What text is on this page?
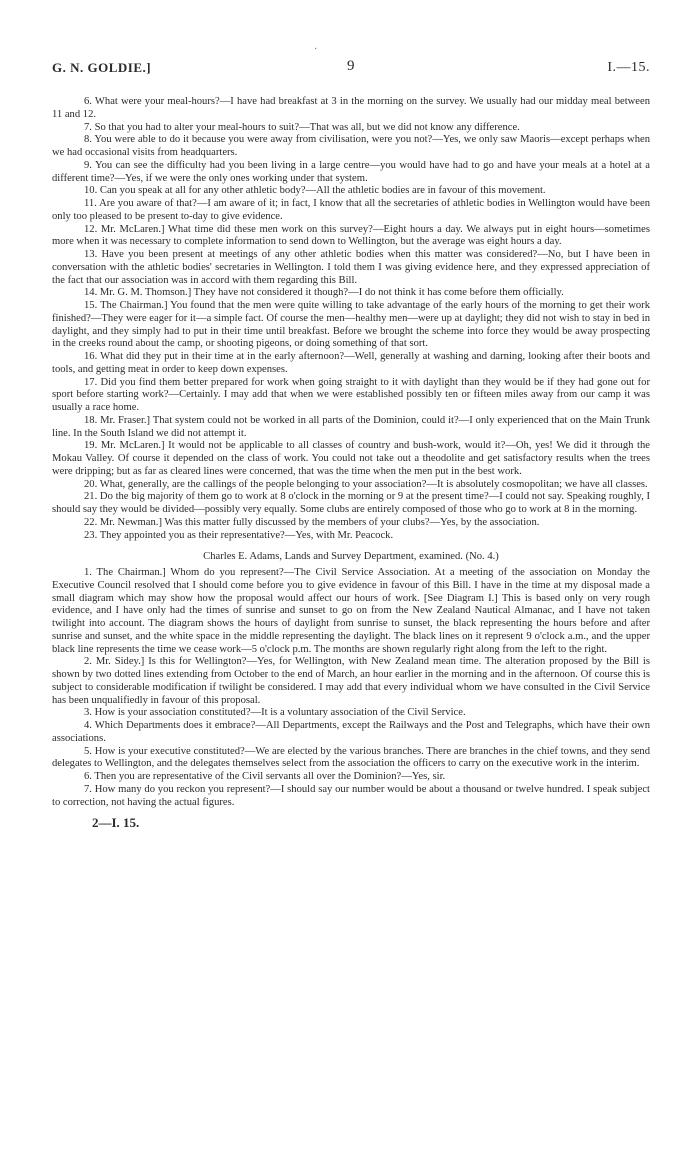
·
G. N. GOLDIE.]	9	I.—15.

6. What were your meal-hours?—I have had breakfast at 3 in the morning on the survey. We usually had our midday meal between 11 and 12.

7. So that you had to alter your meal-hours to suit?—That was all, but we did not know any difference.

8. You were able to do it because you were away from civilisation, were you not?—Yes, we only saw Maoris—except perhaps when we had occasional visits from headquarters.

9. You can see the difficulty had you been living in a large centre—you would have had to go and have your meals at a hotel at a different time?—Yes, if we were the only ones working under that system.

10. Can you speak at all for any other athletic body?—All the athletic bodies are in favour of this movement.

11. Are you aware of that?—I am aware of it; in fact, I know that all the secretaries of athletic bodies in Wellington would have been only too pleased to be present to-day to give evidence.

12. Mr. McLaren.] What time did these men work on this survey?—Eight hours a day. We always put in eight hours—sometimes more when it was necessary to complete information to send down to Wellington, but the average was eight hours a day.

13. Have you been present at meetings of any other athletic bodies when this matter was considered?—No, but I have been in conversation with the athletic bodies' secretaries in Wellington. I told them I was giving evidence here, and they expressed appreciation of the fact that our association was in accord with them regarding this Bill.

14. Mr. G. M. Thomson.] They have not considered it though?—I do not think it has come before them officially.

15. The Chairman.] You found that the men were quite willing to take advantage of the early hours of the morning to get their work finished?—They were eager for it—a simple fact. Of course the men—healthy men—were up at daylight; they did not wish to stay in bed in daylight, and they simply had to put in their time until breakfast. Before we brought the scheme into force they would be away prospecting in the creeks round about the camp, or shooting pigeons, or doing something of that sort.

16. What did they put in their time at in the early afternoon?—Well, generally at washing and darning, looking after their boots and tools, and getting meat in order to keep down expenses.

17. Did you find them better prepared for work when going straight to it with daylight than they would be if they had gone out for sport before starting work?—Certainly. I may add that when we were established possibly ten or fifteen miles away from our camp it was usually a race home.

18. Mr. Fraser.] That system could not be worked in all parts of the Dominion, could it?—I only experienced that on the Main Trunk line. In the South Island we did not attempt it.

19. Mr. McLaren.] It would not be applicable to all classes of country and bush-work, would it?—Oh, yes! We did it through the Mokau Valley. Of course it depended on the class of work. You could not take out a theodolite and get satisfactory results when the trees were dripping; but as far as cleared lines were concerned, that was the time when the men put in the best work.

20. What, generally, are the callings of the people belonging to your association?—It is absolutely cosmopolitan; we have all classes.

21. Do the big majority of them go to work at 8 o'clock in the morning or 9 at the present time?—I could not say. Speaking roughly, I should say they would be divided—possibly very equally. Some clubs are entirely composed of those who go to work at 8 in the morning.

22. Mr. Newman.] Was this matter fully discussed by the members of your clubs?—Yes, by the association.

23. They appointed you as their representative?—Yes, with Mr. Peacock.

Charles E. Adams, Lands and Survey Department, examined. (No. 4.)

1. The Chairman.] Whom do you represent?—The Civil Service Association. At a meeting of the association on Monday the Executive Council resolved that I should come before you to give evidence in favour of this Bill. I have in the time at my disposal made a small diagram which may show how the proposal would affect our hours of work. [See Diagram I.] This is based only on very rough evidence, and I have only had the times of sunrise and sunset to go on from the New Zealand Nautical Almanac, and I have not taken twilight into account. The diagram shows the hours of daylight from sunrise to sunset, the black representing the hours before and after sunrise and sunset, and the white space in the middle representing the daylight. The black lines on it represent 9 o'clock a.m., and the upper black line represents the time we cease work—5 o'clock p.m. The months are shown regularly right along from the left to the right.

2. Mr. Sidey.] Is this for Wellington?—Yes, for Wellington, with New Zealand mean time. The alteration proposed by the Bill is shown by two dotted lines extending from October to the end of March, an hour earlier in the morning and in the afternoon. Of course this is subject to considerable modification if twilight be considered. I may add that every individual whom we have consulted in the Civil Service has been unqualifiedly in favour of this proposal.

3. How is your association constituted?—It is a voluntary association of the Civil Service.

4. Which Departments does it embrace?—All Departments, except the Railways and the Post and Telegraphs, which have their own associations.

5. How is your executive constituted?—We are elected by the various branches. There are branches in the chief towns, and they send delegates to Wellington, and the delegates themselves select from the association the officers to carry on the executive work in the interim.

6. Then you are representative of the Civil servants all over the Dominion?—Yes, sir.

7. How many do you reckon you represent?—I should say our number would be about a thousand or twelve hundred. I speak subject to correction, not having the actual figures.

2—I. 15.
